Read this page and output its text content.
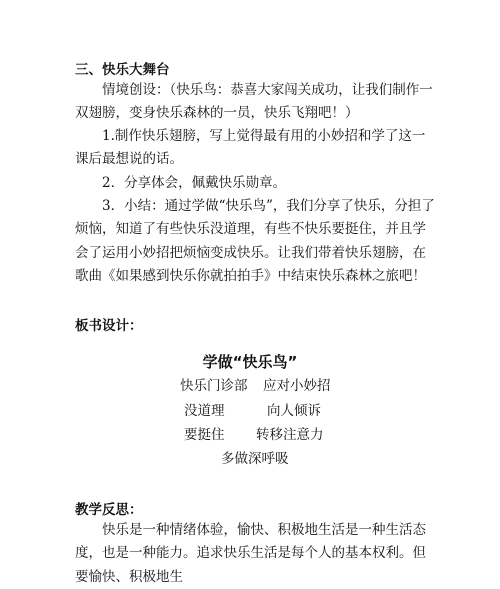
三、快乐大舞台

情境创设：（快乐鸟：恭喜大家闯关成功，让我们制作一双翅膀，变身快乐森林的一员，快乐飞翔吧！）

1.制作快乐翅膀，写上觉得最有用的小妙招和学了这一课后最想说的话。

2．分享体会，佩戴快乐勋章。

3．小结：通过学做“快乐鸟”，我们分享了快乐，分担了烦恼，知道了有些快乐没道理，有些不快乐要挺住，并且学会了运用小妙招把烦恼变成快乐。让我们带着快乐翅膀，在歌曲《如果感到快乐你就拍拍手》中结束快乐森林之旅吧！

板书设计：
学做“快乐鸟”
快乐门诊部 应对小妙招
没道理	向人倾诉
要挺住 转移注意力
多做深呼吸
教学反思：

快乐是一种情绪体验，愉快、积极地生活是一种生活态度，也是一种能力。追求快乐生活是每个人的基本权利。但要愉快、积极地生
